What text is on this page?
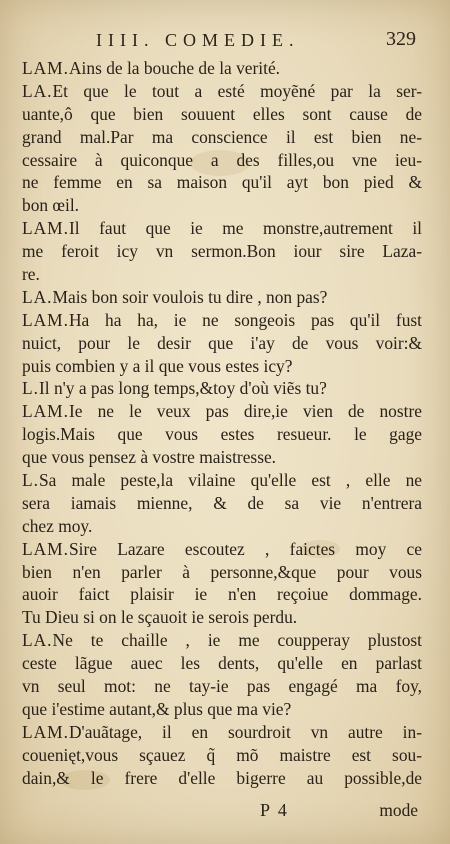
IIII. COMEDIE.	329
LAM.Ains de la bouche de la verité.
LA.Et que le tout a esté moyẽné par la ser-
uante,ô que bien souuent elles sont cause de
grand mal.Par ma conscience il est bien ne-
cessaire à quiconque a des filles,ou vne ieu-
ne femme en sa maison qu'il ayt bon pied &
bon œil.
LAM.Il faut que ie me monstre,autrement il
me feroit icy vn sermon.Bon iour sire Laza-
re.
LA.Mais bon soir voulois tu dire , non pas?
LAM.Ha ha ha, ie ne songeois pas qu'il fust
nuict, pour le desir que i'ay de vous voir:&
puis combien y a il que vous estes icy?
L.Il n'y a pas long temps,&toy d'où viẽs tu?
LAM.Ie ne le veux pas dire,ie vien de nostre
logis.Mais que vous estes resueur. le gage
que vous pensez à vostre maistresse.
L.Sa male peste,la vilaine qu'elle est , elle ne
sera iamais mienne, & de sa vie n'entrera
chez moy.
LAM.Sire Lazare escoutez , faictes moy ce
bien n'en parler à personne,&que pour vous
auoir faict plaisir ie n'en reçoiue dommage.
Tu Dieu si on le sçauoit ie serois perdu.
LA.Ne te chaille , ie me coupperay plustost
ceste lãgue auec les dents, qu'elle en parlast
vn seul mot: ne tay-ie pas engagé ma foy,
que i'estime autant,& plus que ma vie?
LAM.D'auãtage, il en sourdroit vn autre in-
couenięt,vous sçauez q̃ mõ maistre est sou-
dain,& le frere d'elle bigerre au possible,de
P 4	mode
